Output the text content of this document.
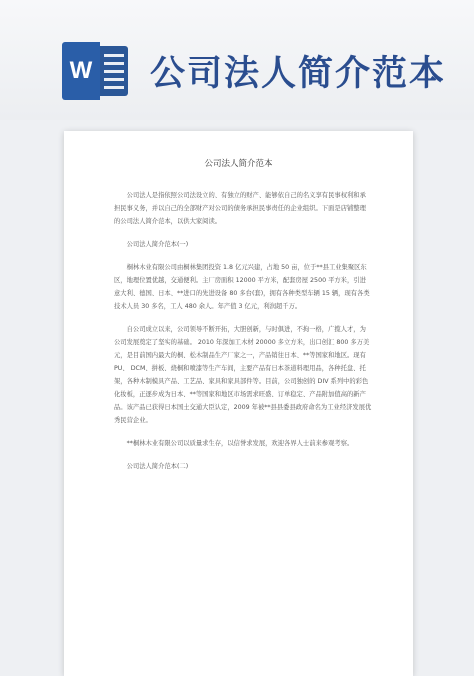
W 公司法人简介范本
公司法人简介范本

公司法人是指依照公司法设立的、有独立的财产、能够依自己的名义享有民事权利和承担民事义务，并以自己的全部财产对公司的债务承担民事责任的企业组织。下面是店铺整理的公司法人简介范本，以供大家阅读。

公司法人简介范本(一)

桐林木业有限公司由桐林集团投资 1.8 亿元兴建，占地 50 亩，位于**县工业集聚区东区，地理位置优越，交通便利。主厂房面积 12000 平方米，配套房屋 2500 平方米，引进意大利、德国、日本、**进口的先进设备 80 多台(套)，拥有各种类型车辆 15 辆，现有各类技术人员 30 多名，工人 480 余人。年产值 3 亿元，利润超千万。

自公司成立以来，公司领导不断开拓，大胆创新，与时俱进，不拘一格，广揽人才，为公司发展奠定了坚实的基础。 2010 年深加工木材 20000 多立方米，出口创汇 800 多万美元，是目前国内最大的桐、松木制品生产厂家之一，产品销往日本、**等国家和地区。现有 PU、 DCM、拼板、烧桐和喷漆等生产车间，主要产品有日本茶道料理用品，各种托盘、托架，各种木制模具产品、工艺品、家具和家具部件等。目前，公司独创的 DIV 系列中的彩色化妆板，正逐步成为日本、**等国家和地区市场需求旺盛、订单稳定、产品附加值高的新产品。该产品已获得日本国土交通大臣认定，2009 年被**县县委县政府命名为工业经济发展优秀民营企业。

**桐林木业有限公司以质量求生存，以信誉求发展，欢迎各界人士前来参观考察。

公司法人简介范本(二)
